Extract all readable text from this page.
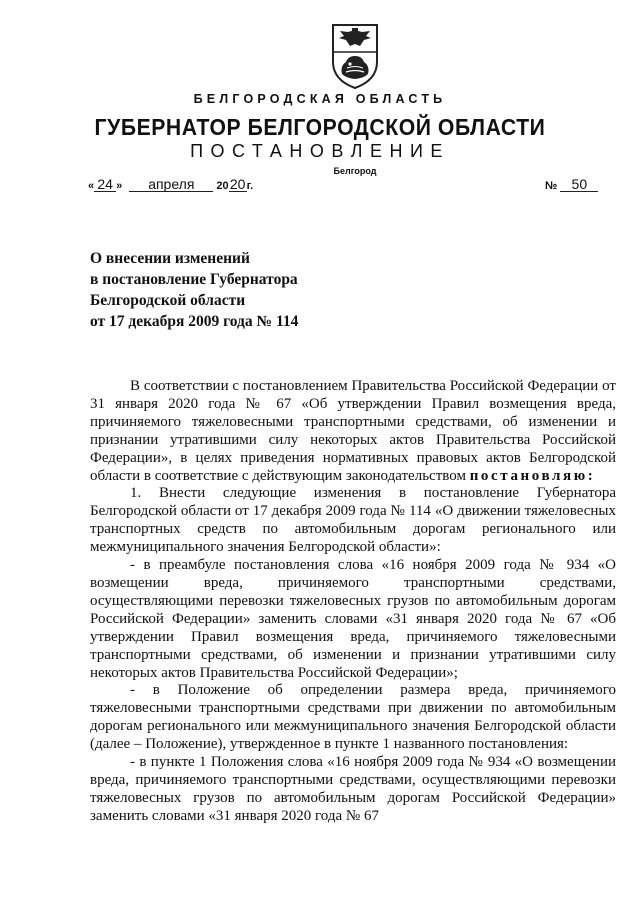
БЕЛГОРОДСКАЯ ОБЛАСТЬ
ГУБЕРНАТОР БЕЛГОРОДСКОЙ ОБЛАСТИ
ПОСТАНОВЛЕНИЕ
Белгород
« 24 » апреля 2020г.	№ 50
О внесении изменений
в постановление Губернатора
Белгородской области
от 17 декабря 2009 года № 114

В соответствии с постановлением Правительства Российской Федерации от 31 января 2020 года № 67 «Об утверждении Правил возмещения вреда, причиняемого тяжеловесными транспортными средствами, об изменении и признании утратившими силу некоторых актов Правительства Российской Федерации», в целях приведения нормативных правовых актов Белгородской области в соответствие с действующим законодательством постановляю:

1. Внести следующие изменения в постановление Губернатора Белгородской области от 17 декабря 2009 года № 114 «О движении тяжеловесных транспортных средств по автомобильным дорогам регионального или межмуниципального значения Белгородской области»:

- в преамбуле постановления слова «16 ноября 2009 года № 934 «О возмещении вреда, причиняемого транспортными средствами, осуществляющими перевозки тяжеловесных грузов по автомобильным дорогам Российской Федерации» заменить словами «31 января 2020 года № 67 «Об утверждении Правил возмещения вреда, причиняемого тяжеловесными транспортными средствами, об изменении и признании утратившими силу некоторых актов Правительства Российской Федерации»;

- в Положение об определении размера вреда, причиняемого тяжеловесными транспортными средствами при движении по автомобильным дорогам регионального или межмуниципального значения Белгородской области (далее – Положение), утвержденное в пункте 1 названного постановления:

- в пункте 1 Положения слова «16 ноября 2009 года № 934 «О возмещении вреда, причиняемого транспортными средствами, осуществляющими перевозки тяжеловесных грузов по автомобильным дорогам Российской Федерации» заменить словами «31 января 2020 года № 67
